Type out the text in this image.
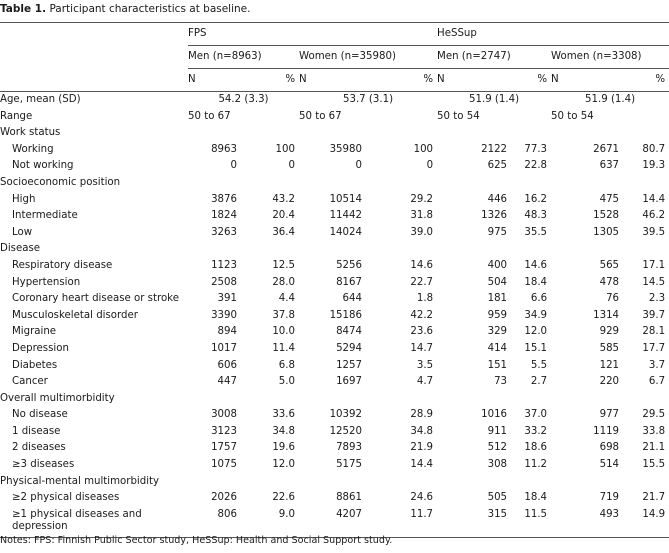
Table 1. Participant characteristics at baseline.
	FPS				HeSSup			
	Men (n=8963)		Women (n=35980)		Men (n=2747)		Women (n=3308)	
	N	%	N	%	N	%	N	%
Age, mean (SD)	54.2 (3.3)		53.7 (3.1)		51.9 (1.4)		51.9 (1.4)	
Range	50 to 67		50 to 67		50 to 54		50 to 54	
Work status								
Working	8963	100	35980	100	2122	77.3	2671	80.7
Not working	0	0	0	0	625	22.8	637	19.3
Socioeconomic position								
High	3876	43.2	10514	29.2	446	16.2	475	14.4
Intermediate	1824	20.4	11442	31.8	1326	48.3	1528	46.2
Low	3263	36.4	14024	39.0	975	35.5	1305	39.5
Disease								
Respiratory disease	1123	12.5	5256	14.6	400	14.6	565	17.1
Hypertension	2508	28.0	8167	22.7	504	18.4	478	14.5
Coronary heart disease or stroke	391	4.4	644	1.8	181	6.6	76	2.3
Musculoskeletal disorder	3390	37.8	15186	42.2	959	34.9	1314	39.7
Migraine	894	10.0	8474	23.6	329	12.0	929	28.1
Depression	1017	11.4	5294	14.7	414	15.1	585	17.7
Diabetes	606	6.8	1257	3.5	151	5.5	121	3.7
Cancer	447	5.0	1697	4.7	73	2.7	220	6.7
Overall multimorbidity								
No disease	3008	33.6	10392	28.9	1016	37.0	977	29.5
1 disease	3123	34.8	12520	34.8	911	33.2	1119	33.8
2 diseases	1757	19.6	7893	21.9	512	18.6	698	21.1
≥3 diseases	1075	12.0	5175	14.4	308	11.2	514	15.5
Physical-mental multimorbidity								
≥2 physical diseases	2026	22.6	8861	24.6	505	18.4	719	21.7
≥1 physical diseases and depression	806	9.0	4207	11.7	315	11.5	493	14.9
Notes: FPS: Finnish Public Sector study, HeSSup: Health and Social Support study.
